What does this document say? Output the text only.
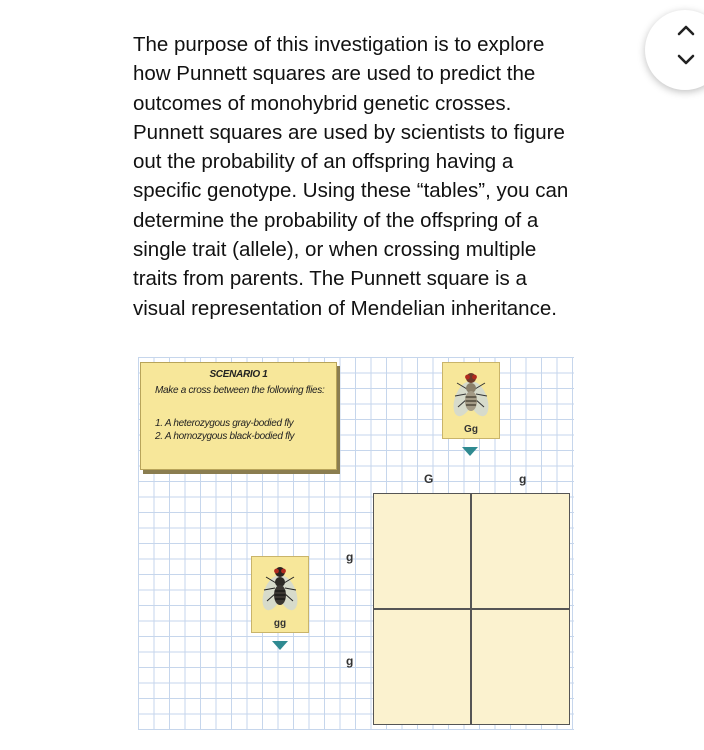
The purpose of this investigation is to explore how Punnett squares are used to predict the outcomes of monohybrid genetic crosses. Punnett squares are used by scientists to figure out the probability of an offspring having a specific genotype. Using these “tables”, you can determine the probability of the offspring of a single trait (allele), or when crossing multiple traits from parents. The Punnett square is a visual representation of Mendelian inheritance.

SCENARIO 1
Make a cross between the following flies:
1. A heterozygous gray-bodied fly
2. A homozygous black-bodied fly
Gg
gg
G	g
g
g
